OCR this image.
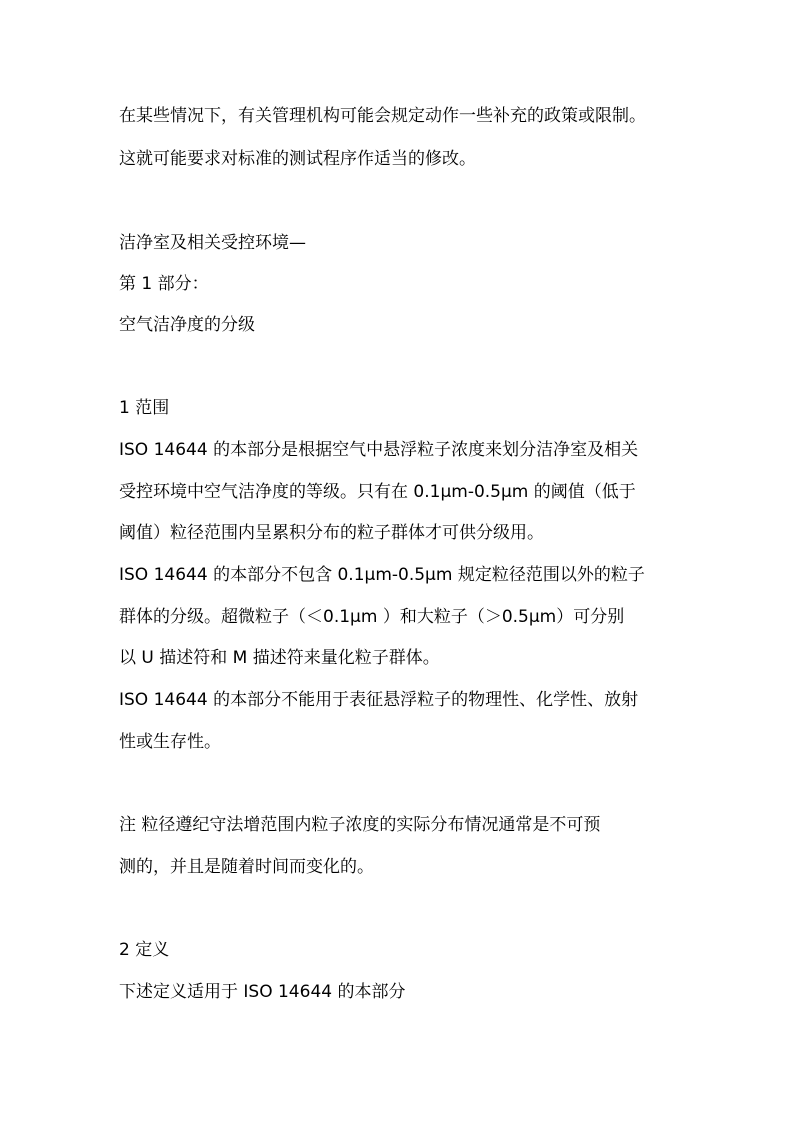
在某些情况下，有关管理机构可能会规定动作一些补充的政策或限制。

这就可能要求对标准的测试程序作适当的修改。

洁净室及相关受控环境—

第 1 部分：

空气洁净度的分级

1 范围

ISO 14644 的本部分是根据空气中悬浮粒子浓度来划分洁净室及相关

受控环境中空气洁净度的等级。只有在 0.1μm-0.5μm 的阈值（低于

阈值）粒径范围内呈累积分布的粒子群体才可供分级用。

ISO 14644 的本部分不包含 0.1μm-0.5μm 规定粒径范围以外的粒子

群体的分级。超微粒子（＜0.1μm ）和大粒子（＞0.5μm）可分别

以 U 描述符和 M 描述符来量化粒子群体。

ISO 14644 的本部分不能用于表征悬浮粒子的物理性、化学性、放射

性或生存性。

注 粒径遵纪守法增范围内粒子浓度的实际分布情况通常是不可预

测的，并且是随着时间而变化的。

2 定义

下述定义适用于 ISO 14644 的本部分
